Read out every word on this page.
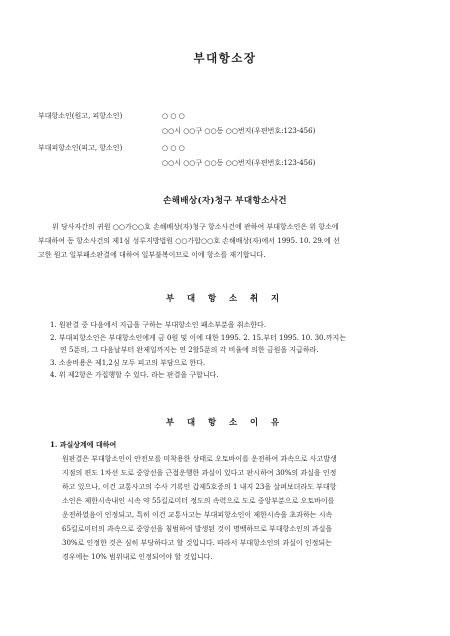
부대항소장
부대항소인(원고, 피항소인)	○ ○ ○
○○시 ○○구 ○○동 ○○번지(우편번호:123-456)
부대피항소인(피고, 항소인)	○ ○ ○
○○시 ○○구 ○○동 ○○번지(우편번호:123-456)
손해배상(자)청구 부대항소사건
위 당사자간의 귀원 ○○가○○호 손해배상(자)청구 항소사건에 관하여 부대항소인은 위 항소에
부대하여 동 항소사건의 제1심 성루지방법원 ○○가합○○호 손해배상(자)에서 1995. 10. 29.에 선
고한 원고 일부패소판결에 대하여 일부불복이므로 이에 항소를 재기합니다.
부 대 항 소 취 지
1. 원판결 중 다음에서 지급을 구하는 부대항소인 패소부분을 취소한다.
2. 부대피항소인은 부대항소인에게 금 0원 및 이에 대한 1995. 2. 15.부터 1995. 10. 30.까지는
연 5푼의, 그 다음날부터 완제일까지는 연 2할5푼의 각 비율에 의한 금원을 지급하라.
3. 소송비용은 제1,2심 모두 피고의 부담으로 한다.
4. 위 제2항은 가집행할 수 있다. 라는 판결을 구합니다.
부 대 항 소 이 유
1. 과실상계에 대하여
원판결은 부대항소인이 안전모를 미착용한 상태로 오토바이를 운전하여 과속으로 사고발생
지점의 편도 1차선 도로 중앙선을 근접운행한 과실이 있다고 판시하여 30%의 과실을 인정
하고 있으나, 이건 교통사고의 수사 기록인 갑제5호증의 1 내지 23을 살펴보더라도 부대항
소인은 제한시속내인 시속 약 55킬로미터 정도의 속력으로 도로 중앙부분으로 오토바이를
운전하였음이 인정되고, 특히 이건 교통사고는 부대피항소인이 제한시속을 초과하는 시속
65킬로미터의 과속으로 중앙선을 침범하여 발생된 것이 명백하므로 부대항소인의 과실을
30%로 인정한 것은 심히 부당하다고 할 것입니다. 따라서 부대항소인의 과실이 인정되는
경우에는 10% 범위내로 인정되어야 할 것입니다.
